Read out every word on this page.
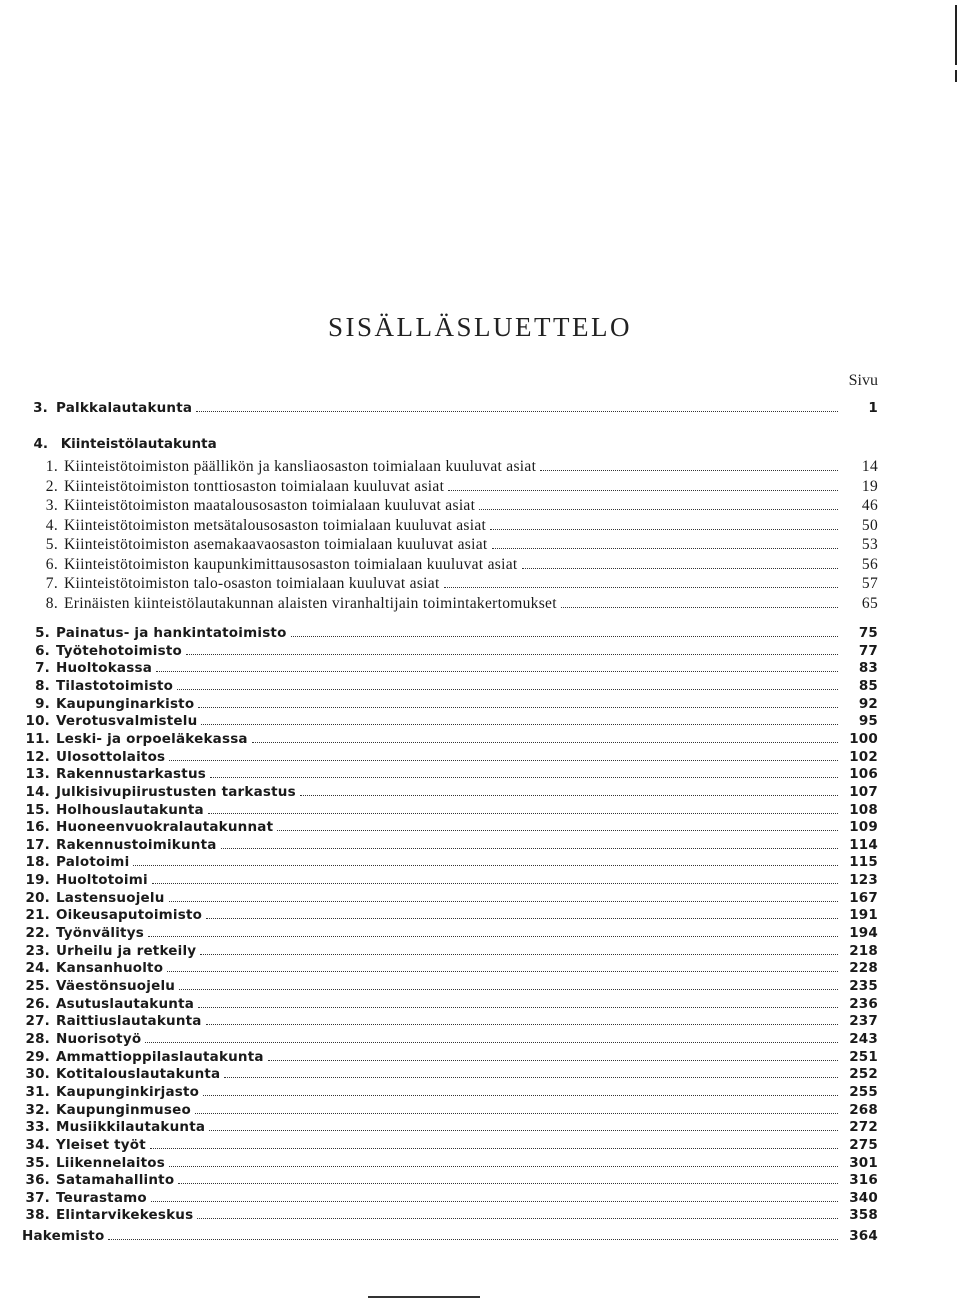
SISÄLLÄSLUETTELO
Sivu
3. Palkkalautakunta	1
4. Kiinteistölautakunta
1. Kiinteistötoimiston päällikön ja kansliaosaston toimialaan kuuluvat asiat	14
2. Kiinteistötoimiston tonttiosaston toimialaan kuuluvat asiat	19
3. Kiinteistötoimiston maatalousosaston toimialaan kuuluvat asiat	46
4. Kiinteistötoimiston metsätalousosaston toimialaan kuuluvat asiat	50
5. Kiinteistötoimiston asemakaavaosaston toimialaan kuuluvat asiat	53
6. Kiinteistötoimiston kaupunkimittausosaston toimialaan kuuluvat asiat	56
7. Kiinteistötoimiston talo-osaston toimialaan kuuluvat asiat	57
8. Erinäisten kiinteistölautakunnan alaisten viranhaltijain toimintakertomukset	65
5. Painatus- ja hankintatoimisto	75
6. Työtehotoimisto	77
7. Huoltokassa	83
8. Tilastotoimisto	85
9. Kaupunginarkisto	92
10. Verotusvalmistelu	95
11. Leski- ja orpoeläkekassa	100
12. Ulosottolaitos	102
13. Rakennustarkastus	106
14. Julkisivupiirustusten tarkastus	107
15. Holhouslautakunta	108
16. Huoneenvuokralautakunnat	109
17. Rakennustoimikunta	114
18. Palotoimi	115
19. Huoltotoimi	123
20. Lastensuojelu	167
21. Oikeusaputoimisto	191
22. Työnvälitys	194
23. Urheilu ja retkeily	218
24. Kansanhuolto	228
25. Väestönsuojelu	235
26. Asutuslautakunta	236
27. Raittiuslautakunta	237
28. Nuorisotyö	243
29. Ammattioppilaslautakunta	251
30. Kotitalouslautakunta	252
31. Kaupunginkirjasto	255
32. Kaupunginmuseo	268
33. Musiikkilautakunta	272
34. Yleiset työt	275
35. Liikennelaitos	301
36. Satamahallinto	316
37. Teurastamo	340
38. Elintarvikekeskus	358
Hakemisto	364
